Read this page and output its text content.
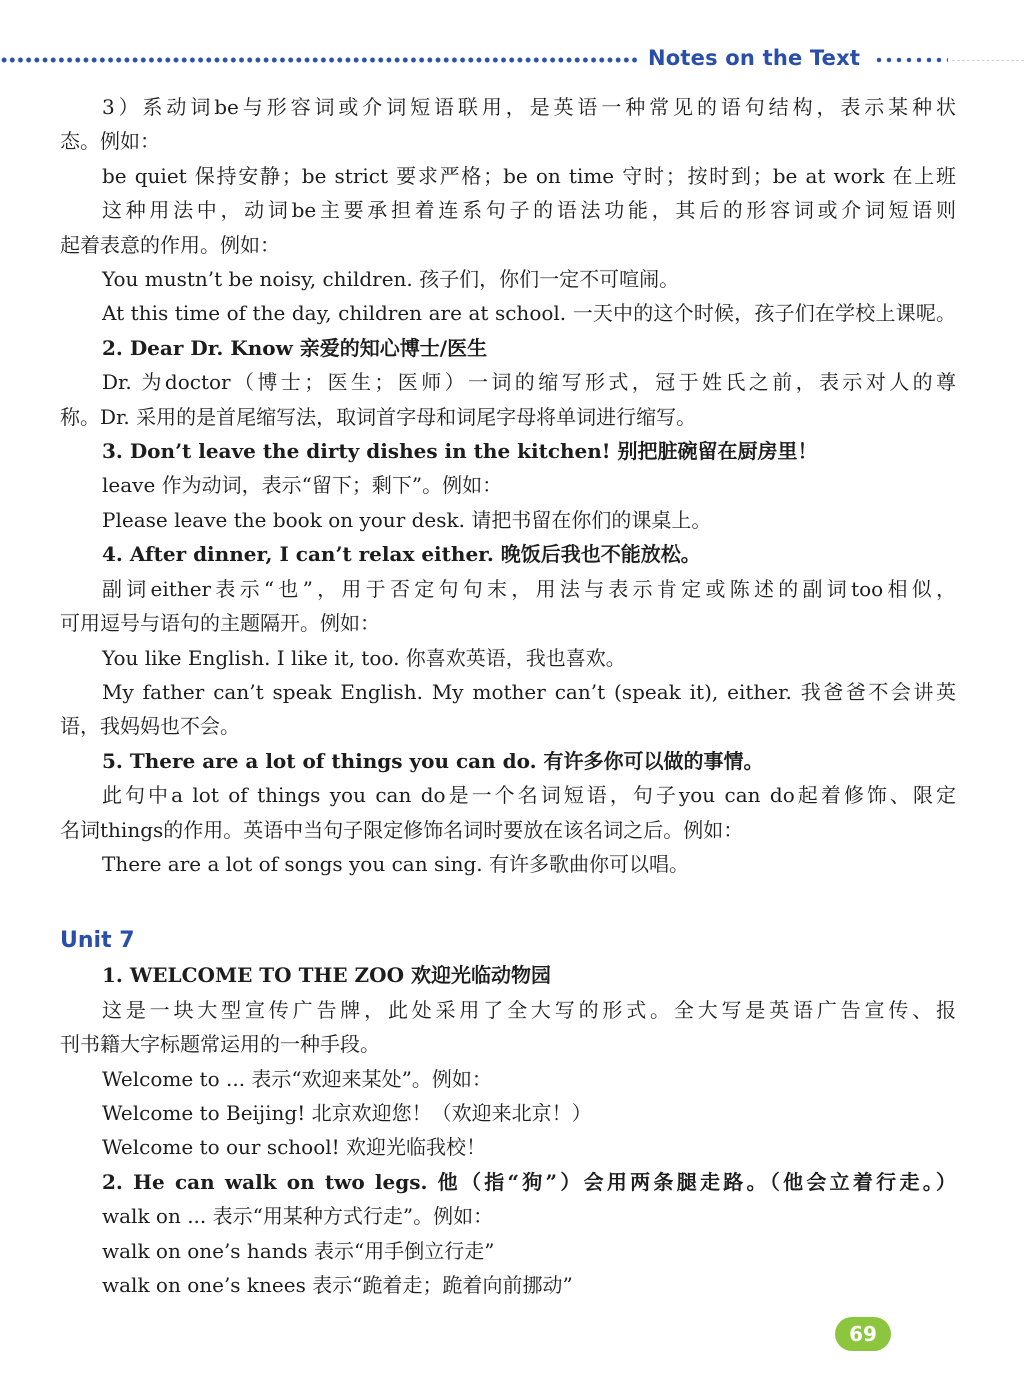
Notes on the Text
3）系动词be与形容词或介词短语联用，是英语一种常见的语句结构，表示某种状
态。例如：
be quiet 保持安静；be strict 要求严格；be on time 守时；按时到；be at work 在上班
这种用法中，动词be主要承担着连系句子的语法功能，其后的形容词或介词短语则
起着表意的作用。例如：
You mustn’t be noisy, children. 孩子们，你们一定不可喧闹。
At this time of the day, children are at school. 一天中的这个时候，孩子们在学校上课呢。
2. Dear Dr. Know 亲爱的知心博士/医生
Dr. 为doctor（博士；医生；医师）一词的缩写形式，冠于姓氏之前，表示对人的尊
称。Dr. 采用的是首尾缩写法，取词首字母和词尾字母将单词进行缩写。
3. Don’t leave the dirty dishes in the kitchen! 别把脏碗留在厨房里！
leave 作为动词，表示“留下；剩下”。例如：
Please leave the book on your desk. 请把书留在你们的课桌上。
4. After dinner, I can’t relax either. 晚饭后我也不能放松。
副词either表示“也”，用于否定句句末，用法与表示肯定或陈述的副词too相似，
可用逗号与语句的主题隔开。例如：
You like English. I like it, too. 你喜欢英语，我也喜欢。
My father can’t speak English. My mother can’t (speak it), either. 我爸爸不会讲英
语，我妈妈也不会。
5. There are a lot of things you can do. 有许多你可以做的事情。
此句中a lot of things you can do是一个名词短语，句子you can do起着修饰、限定
名词things的作用。英语中当句子限定修饰名词时要放在该名词之后。例如：
There are a lot of songs you can sing. 有许多歌曲你可以唱。
Unit 7
1. WELCOME TO THE ZOO 欢迎光临动物园
这是一块大型宣传广告牌，此处采用了全大写的形式。全大写是英语广告宣传、报
刊书籍大字标题常运用的一种手段。
Welcome to ... 表示“欢迎来某处”。例如：
Welcome to Beijing! 北京欢迎您！（欢迎来北京！）
Welcome to our school! 欢迎光临我校！
2. He can walk on two legs. 他（指“狗”）会用两条腿走路。（他会立着行走。）
walk on ... 表示“用某种方式行走”。例如：
walk on one’s hands 表示“用手倒立行走”
walk on one’s knees 表示“跪着走；跪着向前挪动”
69
